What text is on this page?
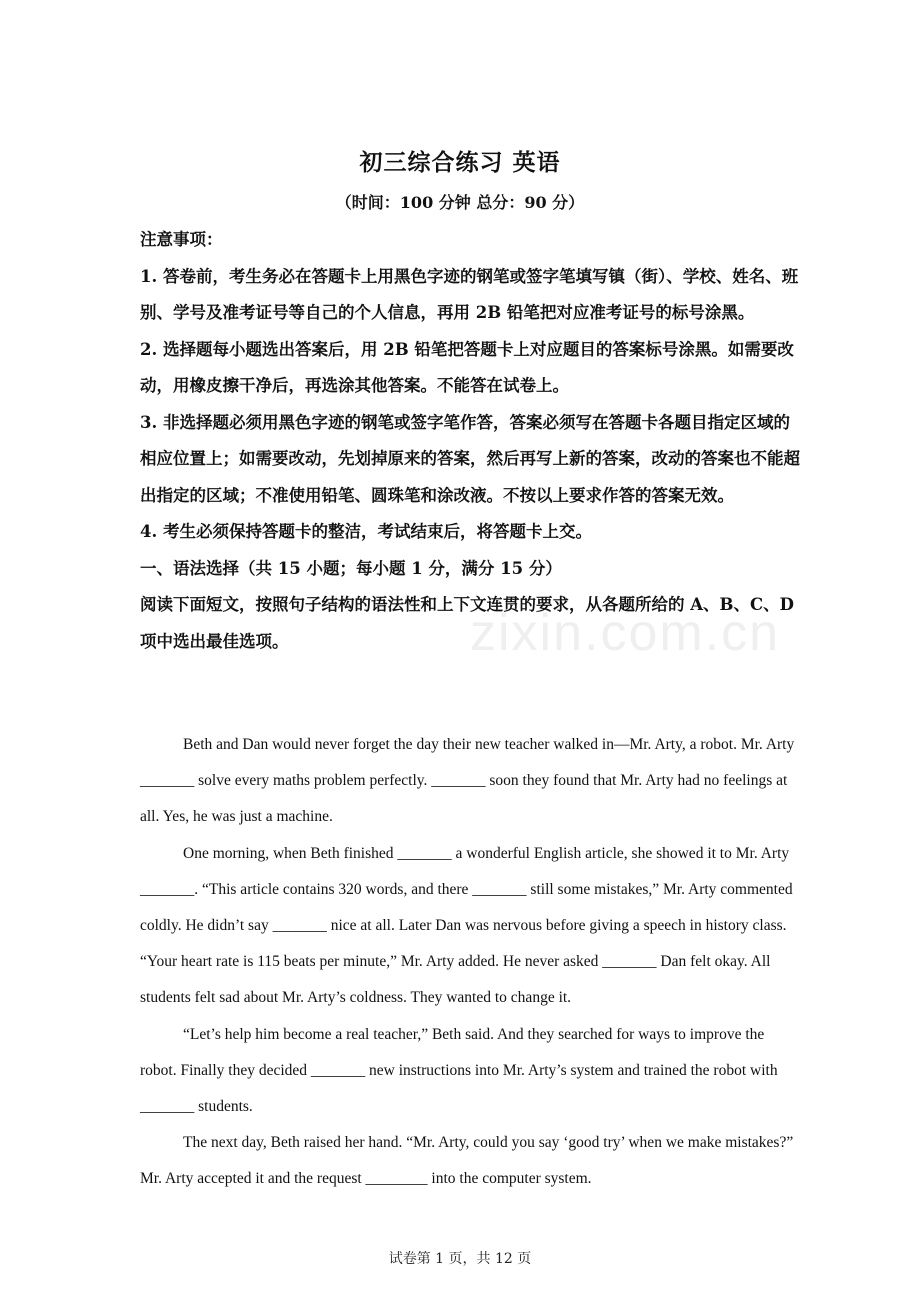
初三综合练习 英语
（时间：100 分钟 总分：90 分）

注意事项：

1. 答卷前，考生务必在答题卡上用黑色字迹的钢笔或签字笔填写镇（街）、学校、姓名、班别、学号及准考证号等自己的个人信息，再用 2B 铅笔把对应准考证号的标号涂黑。

2. 选择题每小题选出答案后，用 2B 铅笔把答题卡上对应题目的答案标号涂黑。如需要改动，用橡皮擦干净后，再选涂其他答案。不能答在试卷上。

3. 非选择题必须用黑色字迹的钢笔或签字笔作答，答案必须写在答题卡各题目指定区域的相应位置上；如需要改动，先划掉原来的答案，然后再写上新的答案，改动的答案也不能超出指定的区域；不准使用铅笔、圆珠笔和涂改液。不按以上要求作答的答案无效。

4. 考生必须保持答题卡的整洁，考试结束后，将答题卡上交。

一、语法选择（共 15 小题；每小题 1 分，满分 15 分）

阅读下面短文，按照句子结构的语法性和上下文连贯的要求，从各题所给的 A、B、C、D 项中选出最佳选项。	zixin.com.cn

Beth and Dan would never forget the day their new teacher walked in—Mr. Arty, a robot. Mr. Arty _______ solve every maths problem perfectly. _______ soon they found that Mr. Arty had no feelings at all. Yes, he was just a machine.

One morning, when Beth finished _______ a wonderful English article, she showed it to Mr. Arty _______. “This article contains 320 words, and there _______ still some mistakes,” Mr. Arty commented coldly. He didn’t say _______ nice at all. Later Dan was nervous before giving a speech in history class. “Your heart rate is 115 beats per minute,” Mr. Arty added. He never asked _______ Dan felt okay. All students felt sad about Mr. Arty’s coldness. They wanted to change it.

“Let’s help him become a real teacher,” Beth said. And they searched for ways to improve the robot. Finally they decided _______ new instructions into Mr. Arty’s system and trained the robot with _______ students.

The next day, Beth raised her hand. “Mr. Arty, could you say ‘good try’ when we make mistakes?” Mr. Arty accepted it and the request ________ into the computer system.

试卷第 1 页，共 12 页
